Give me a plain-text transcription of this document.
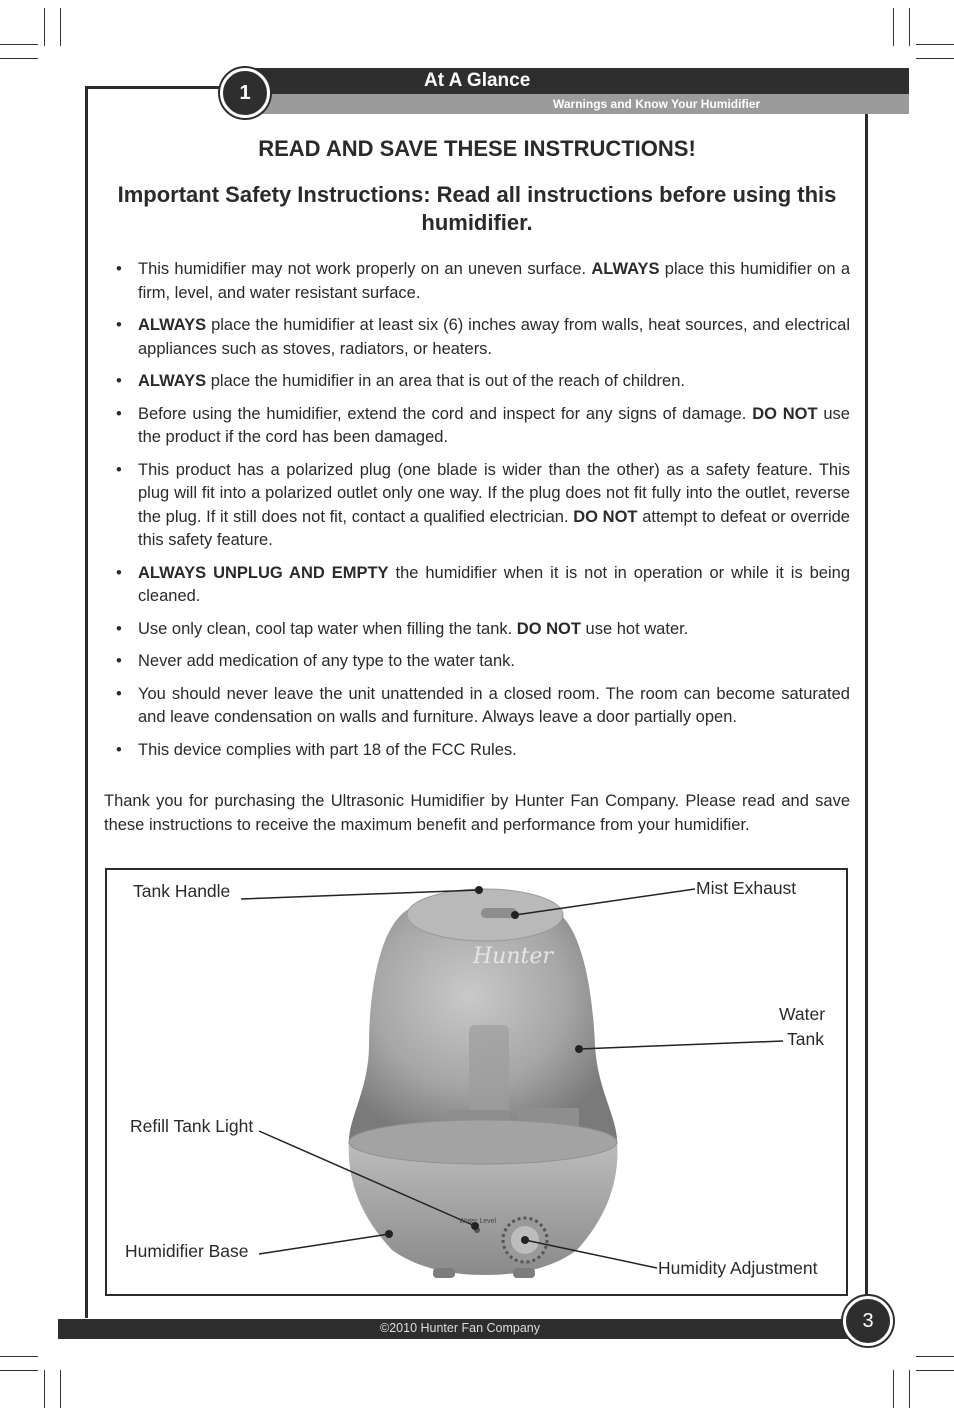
At A Glance
Warnings and Know Your Humidifier
1
READ AND SAVE THESE INSTRUCTIONS!
Important Safety Instructions: Read all instructions before using this humidifier.
• This humidifier may not work properly on an uneven surface. ALWAYS place this humidifier on a firm, level, and water resistant surface.
• ALWAYS place the humidifier at least six (6) inches away from walls, heat sources, and electrical appliances such as stoves, radiators, or heaters.
• ALWAYS place the humidifier in an area that is out of the reach of children.
• Before using the humidifier, extend the cord and inspect for any signs of damage. DO NOT use the product if the cord has been damaged.
• This product has a polarized plug (one blade is wider than the other) as a safety feature. This plug will fit into a polarized outlet only one way. If the plug does not fit fully into the outlet, reverse the plug. If it still does not fit, contact a qualified electrician. DO NOT attempt to defeat or override this safety feature.
• ALWAYS UNPLUG AND EMPTY the humidifier when it is not in operation or while it is being cleaned.
• Use only clean, cool tap water when filling the tank. DO NOT use hot water.
• Never add medication of any type to the water tank.
• You should never leave the unit unattended in a closed room. The room can become saturated and leave condensation on walls and furniture. Always leave a door partially open.
• This device complies with part 18 of the FCC Rules.
Thank you for purchasing the Ultrasonic Humidifier by Hunter Fan Company. Please read and save these instructions to receive the maximum benefit and performance from your humidifier.
Hunter
Water Level
Tank Handle	Mist Exhaust
Water
Tank
Refill Tank Light
Humidifier Base
Humidity Adjustment
©2010 Hunter Fan Company	3
